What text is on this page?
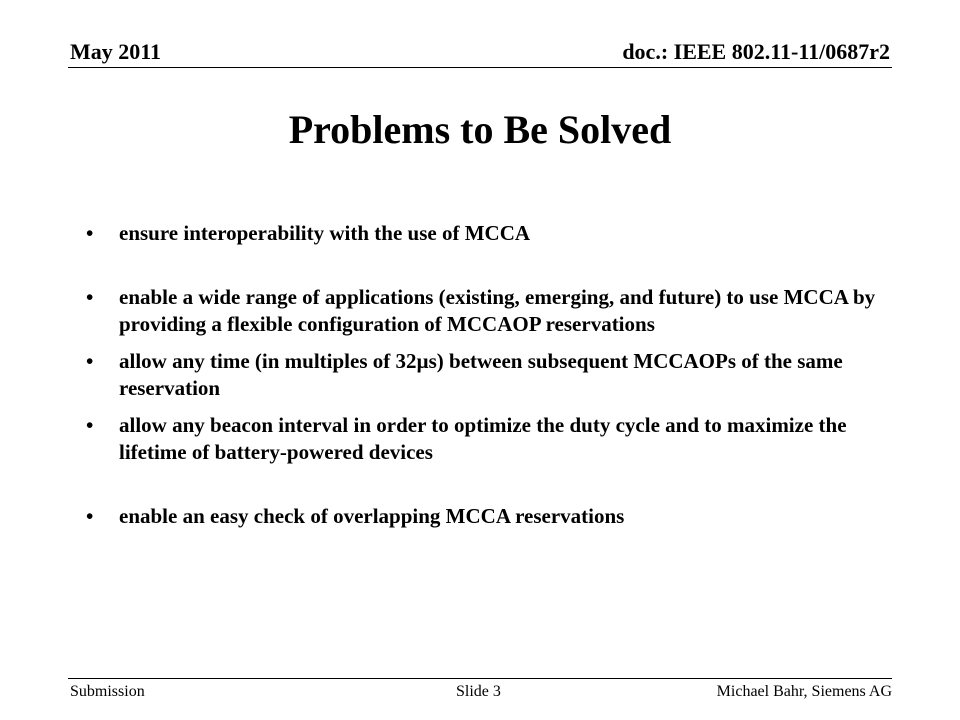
May 2011	doc.: IEEE 802.11-11/0687r2
Problems to Be Solved
•	ensure interoperability with the use of MCCA
•	enable a wide range of applications (existing, emerging, and future) to use MCCA by providing a flexible configuration of MCCAOP reservations
•	allow any time (in multiples of 32µs) between subsequent MCCAOPs of the same reservation
•	allow any beacon interval in order to optimize the duty cycle and to maximize the lifetime of battery-powered devices
•	enable an easy check of overlapping MCCA reservations
Submission	Slide 3	Michael Bahr, Siemens AG
